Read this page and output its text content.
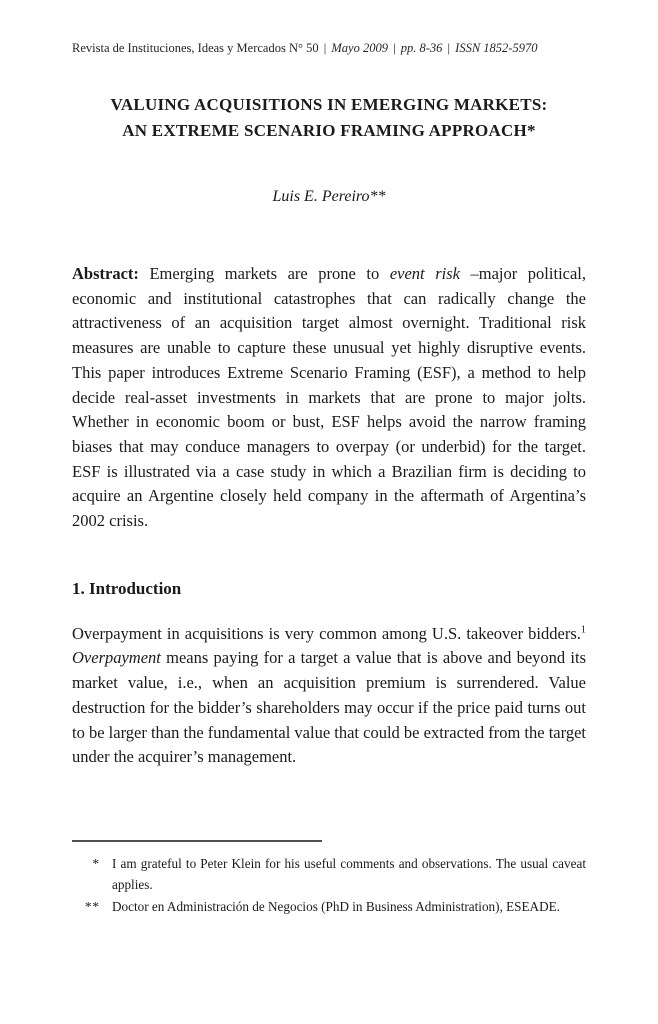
Revista de Instituciones, Ideas y Mercados N° 50 | Mayo 2009 | pp. 8-36 | ISSN 1852-5970
VALUING ACQUISITIONS IN EMERGING MARKETS:
AN EXTREME SCENARIO FRAMING APPROACH*
Luis E. Pereiro**

Abstract: Emerging markets are prone to event risk –major political, economic and institutional catastrophes that can radically change the attractiveness of an acquisition target almost overnight. Traditional risk measures are unable to capture these unusual yet highly disruptive events. This paper introduces Extreme Scenario Framing (ESF), a method to help decide real-asset investments in markets that are prone to major jolts. Whether in economic boom or bust, ESF helps avoid the narrow framing biases that may conduce managers to overpay (or underbid) for the target. ESF is illustrated via a case study in which a Brazilian firm is deciding to acquire an Argentine closely held company in the aftermath of Argentina’s 2002 crisis.

1. Introduction

Overpayment in acquisitions is very common among U.S. takeover bidders.$^1$ Overpayment means paying for a target a value that is above and beyond its market value, i.e., when an acquisition premium is surrendered. Value destruction for the bidder’s shareholders may occur if the price paid turns out to be larger than the fundamental value that could be extracted from the target under the acquirer’s management.

* I am grateful to Peter Klein for his useful comments and observations. The usual caveat applies.
** Doctor en Administración de Negocios (PhD in Business Administration), ESEADE.
